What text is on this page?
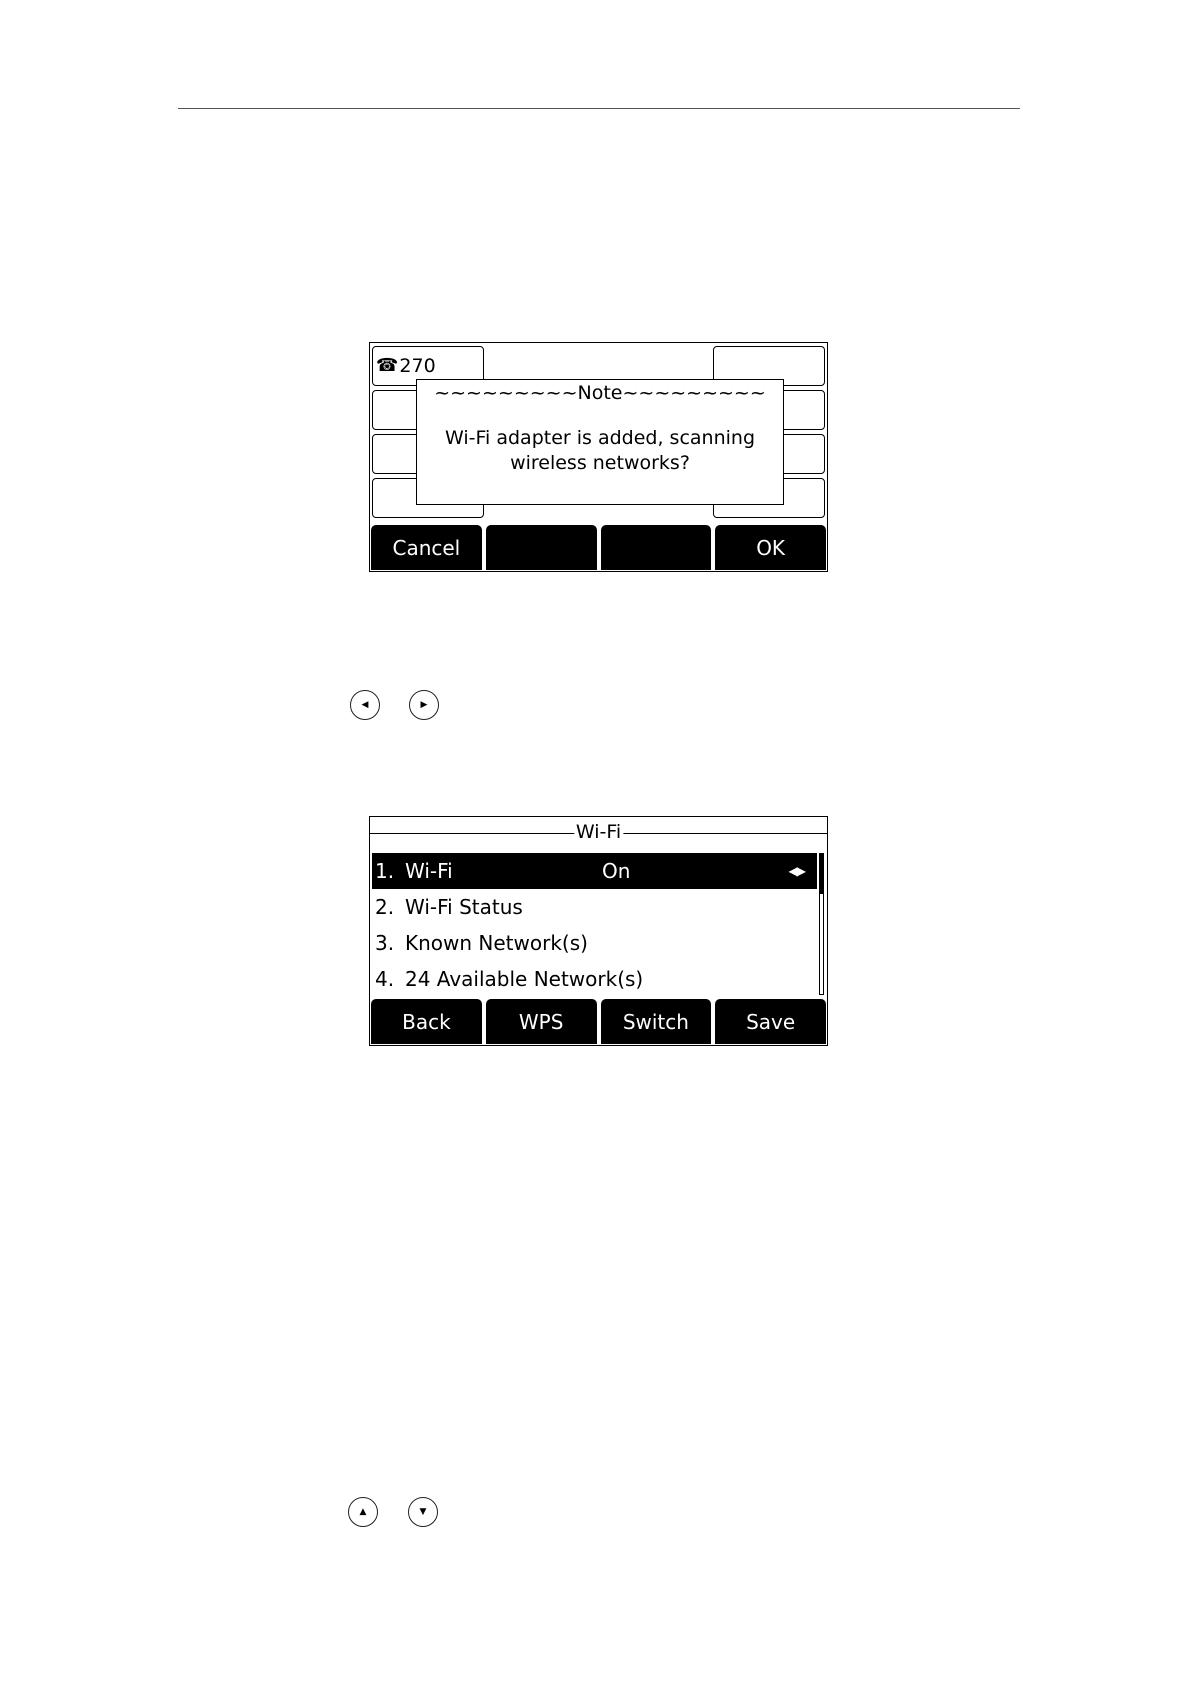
☎ 270
~~~~~~~~~Note~~~~~~~~~
Wi-Fi adapter is added, scanning
wireless networks?
Cancel	OK
◀	▶
Wi-Fi
1. Wi-Fi	On	◀▶
2. Wi-Fi Status
3. Known Network(s)
4. 24 Available Network(s)
Back	WPS	Switch	Save
▲	▼
